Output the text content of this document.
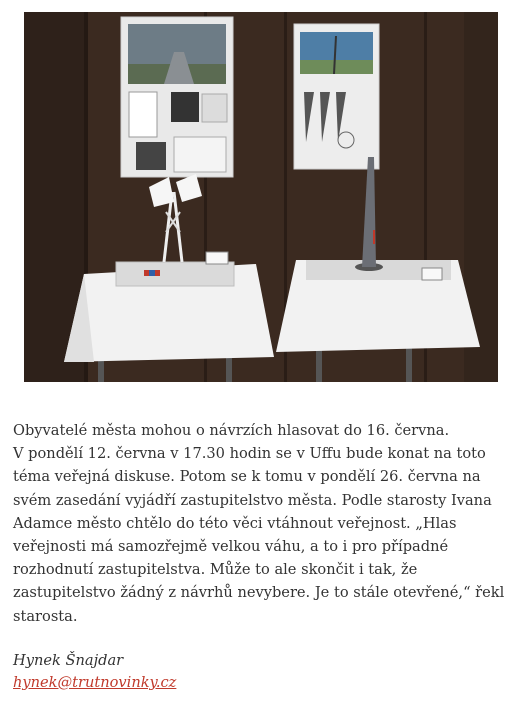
Obyvatelé města mohou o návrzích hlasovat do 16. června.
V pondělí 12. června v 17.30 hodin se v Uffu bude konat na toto
téma veřejná diskuse. Potom se k tomu v pondělí 26. června na
svém zasedání vyjádří zastupitelstvo města. Podle starosty Ivana
Adamce město chtělo do této věci vtáhnout veřejnost. „Hlas
veřejnosti má samozřejmě velkou váhu, a to i pro případné
rozhodnutí zastupitelstva. Může to ale skončit i tak, že
zastupitelstvo žádný z návrhů nevybere. Je to stále otevřené,“ řekl
starosta.

Hynek Šnajdar
hynek@trutnovinky.cz
